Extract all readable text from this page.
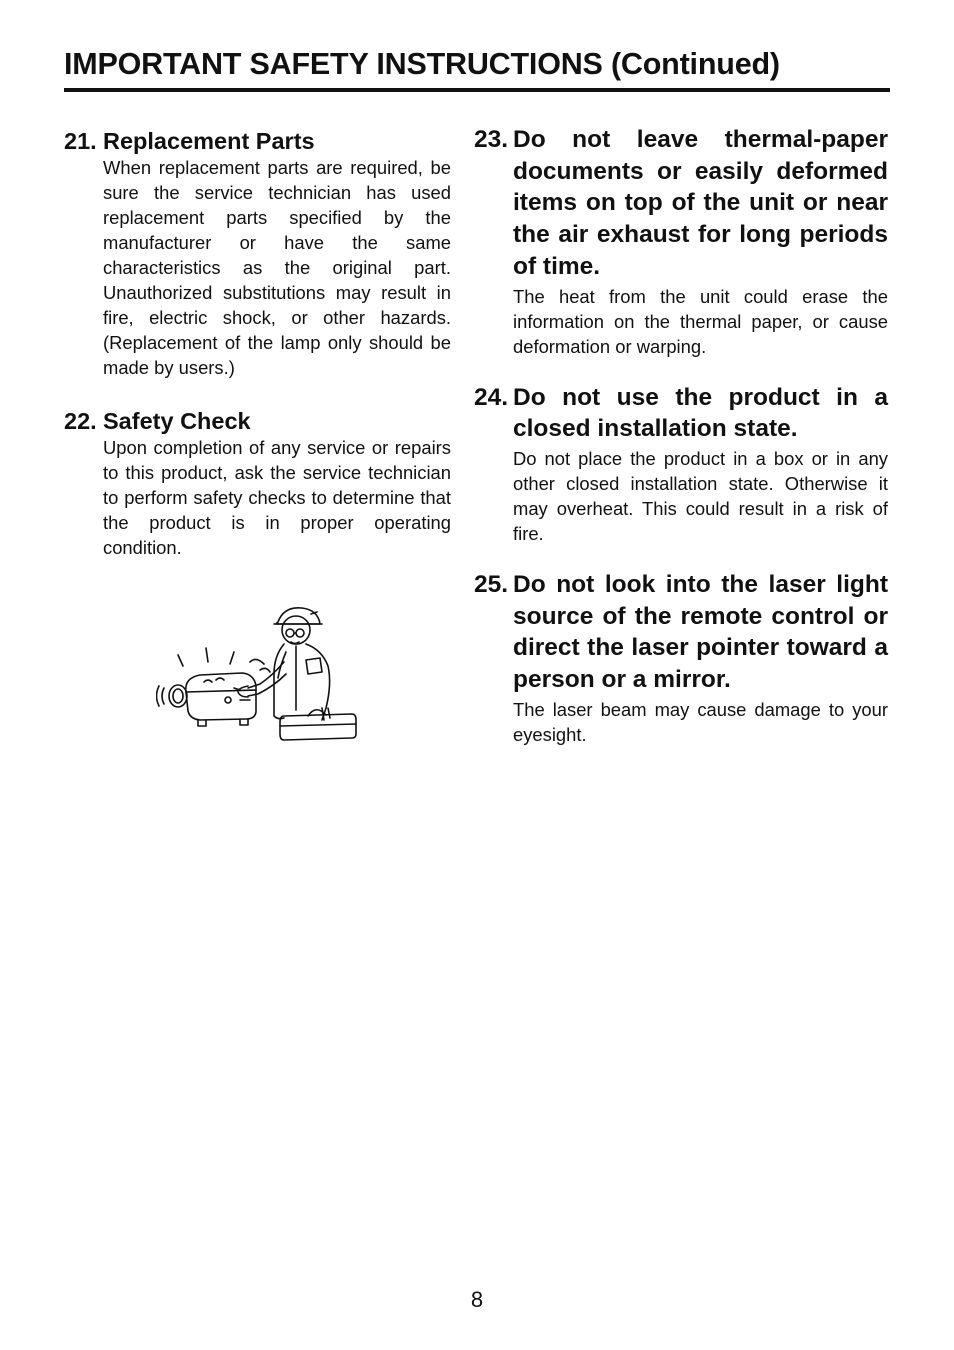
IMPORTANT SAFETY INSTRUCTIONS (Continued)
21. Replacement Parts

When replacement parts are required, be sure the service technician has used replacement parts specified by the manufacturer or have the same characteristics as the original part. Unauthorized substitutions may result in fire, electric shock, or other hazards. (Replacement of the lamp only should be made by users.)

22. Safety Check

Upon completion of any service or repairs to this product, ask the service technician to perform safety checks to determine that the product is in proper operating condition.

23. Do not leave thermal-paper documents or easily deformed items on top of the unit or near the air exhaust for long periods of time.

The heat from the unit could erase the information on the thermal paper, or cause deformation or warping.

24. Do not use the product in a closed installation state.

Do not place the product in a box or in any other closed installation state. Otherwise it may overheat. This could result in a risk of fire.

25. Do not look into the laser light source of the remote control or direct the laser pointer toward a person or a mirror.

The laser beam may cause damage to your eyesight.

8
